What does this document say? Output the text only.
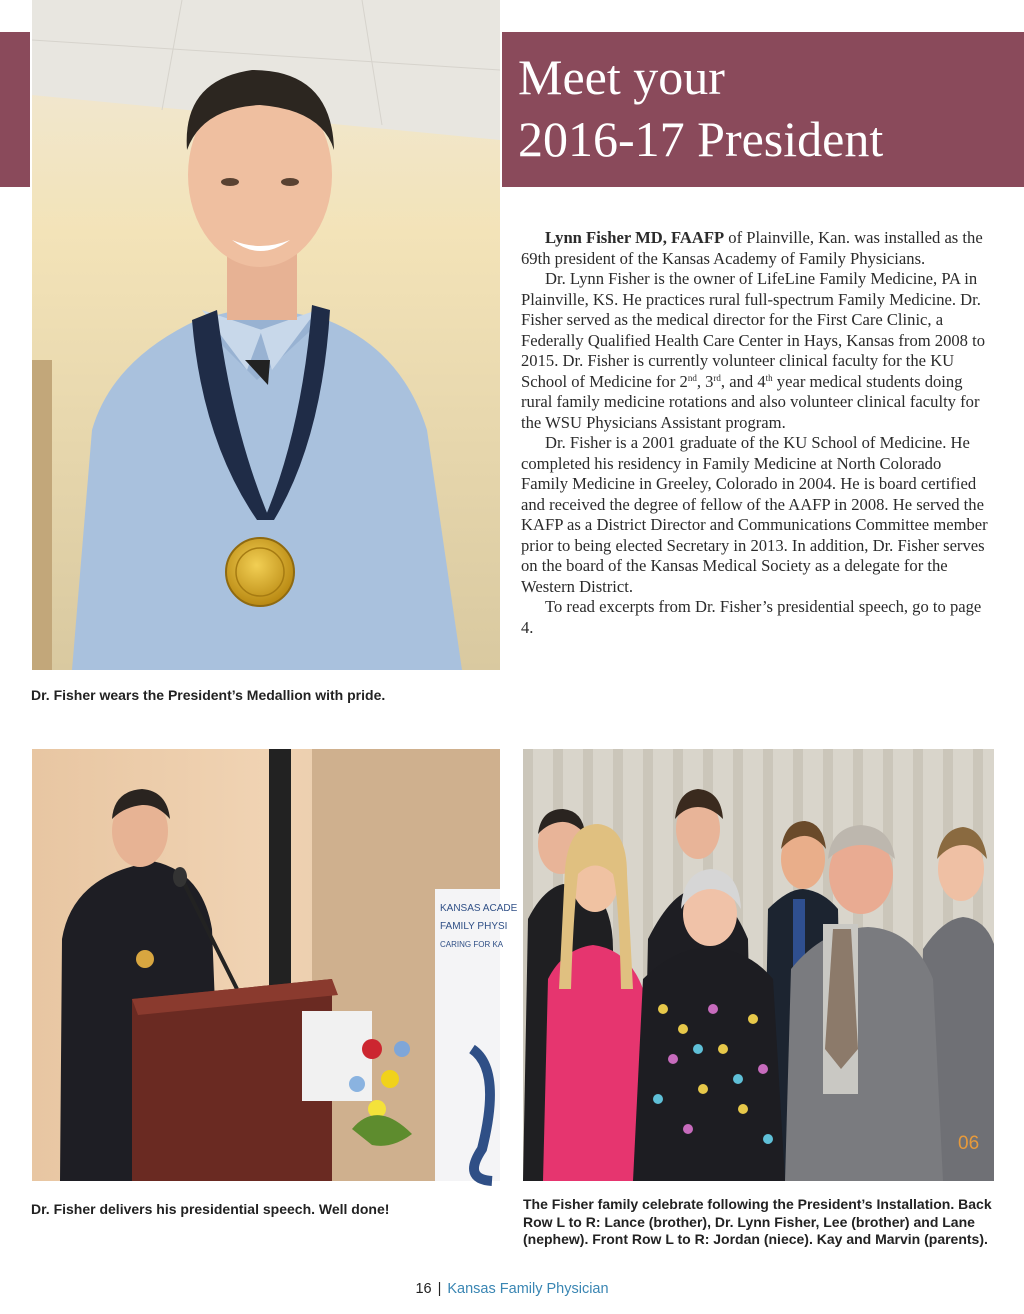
Meet your
2016-17 President

Lynn Fisher MD, FAAFP of Plainville, Kan. was installed as the 69th president of the Kansas Academy of Family Physicians.

Dr. Lynn Fisher is the owner of LifeLine Family Medicine, PA in Plainville, KS. He practices rural full-spectrum Family Medicine. Dr. Fisher served as the medical director for the First Care Clinic, a Federally Qualified Health Care Center in Hays, Kansas from 2008 to 2015. Dr. Fisher is currently volunteer clinical faculty for the KU School of Medicine for 2nd, 3rd, and 4th year medical students doing rural family medicine rotations and also volunteer clinical faculty for the WSU Physicians Assistant program.

Dr. Fisher is a 2001 graduate of the KU School of Medicine. He completed his residency in Family Medicine at North Colorado Family Medicine in Greeley, Colorado in 2004. He is board certified and received the degree of fellow of the AAFP in 2008. He served the KAFP as a District Director and Communications Committee member prior to being elected Secretary in 2013. In addition, Dr. Fisher serves on the board of the Kansas Medical Society as a delegate for the Western District.

To read excerpts from Dr. Fisher’s presidential speech, go to page 4.

Dr. Fisher wears the President’s Medallion with pride.

KANSAS ACADE
FAMILY PHYSI
CARING FOR KA
06

Dr. Fisher delivers his presidential speech. Well done!	The Fisher family celebrate following the President’s Installation. Back Row L to R: Lance (brother), Dr. Lynn Fisher, Lee (brother) and Lane (nephew). Front Row L to R: Jordan (niece). Kay and Marvin (parents).

16 | Kansas Family Physician
